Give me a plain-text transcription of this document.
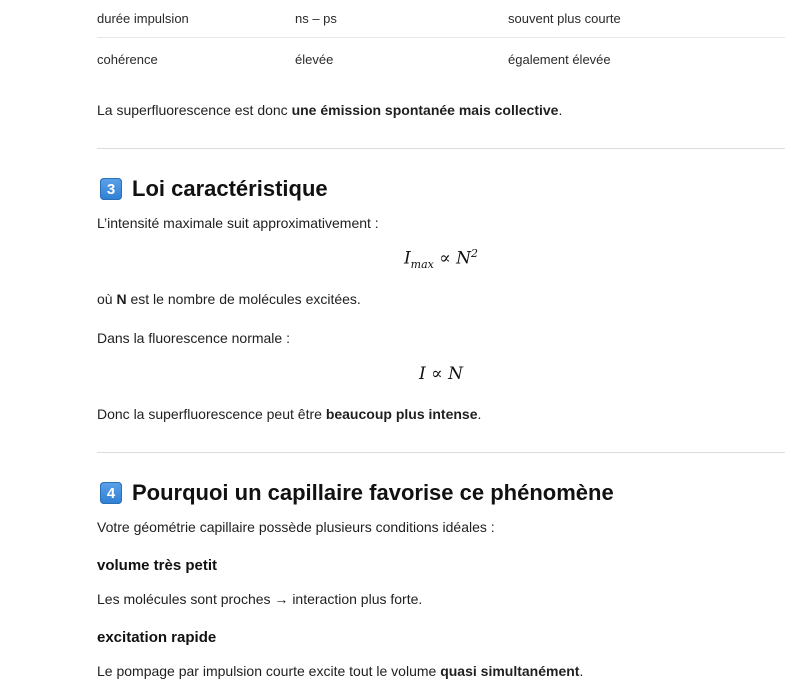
durée impulsion	ns – ps	souvent plus courte
cohérence	élevée	également élevée

La superfluorescence est donc une émission spontanée mais collective.

3 Loi caractéristique

L’intensité maximale suit approximativement :

$I_{max} \propto N^2$

où N est le nombre de molécules excitées.

Dans la fluorescence normale :

I ∝ N

Donc la superfluorescence peut être beaucoup plus intense.

4 Pourquoi un capillaire favorise ce phénomène

Votre géométrie capillaire possède plusieurs conditions idéales :

volume très petit

Les molécules sont proches → interaction plus forte.

excitation rapide

Le pompage par impulsion courte excite tout le volume quasi simultanément.
